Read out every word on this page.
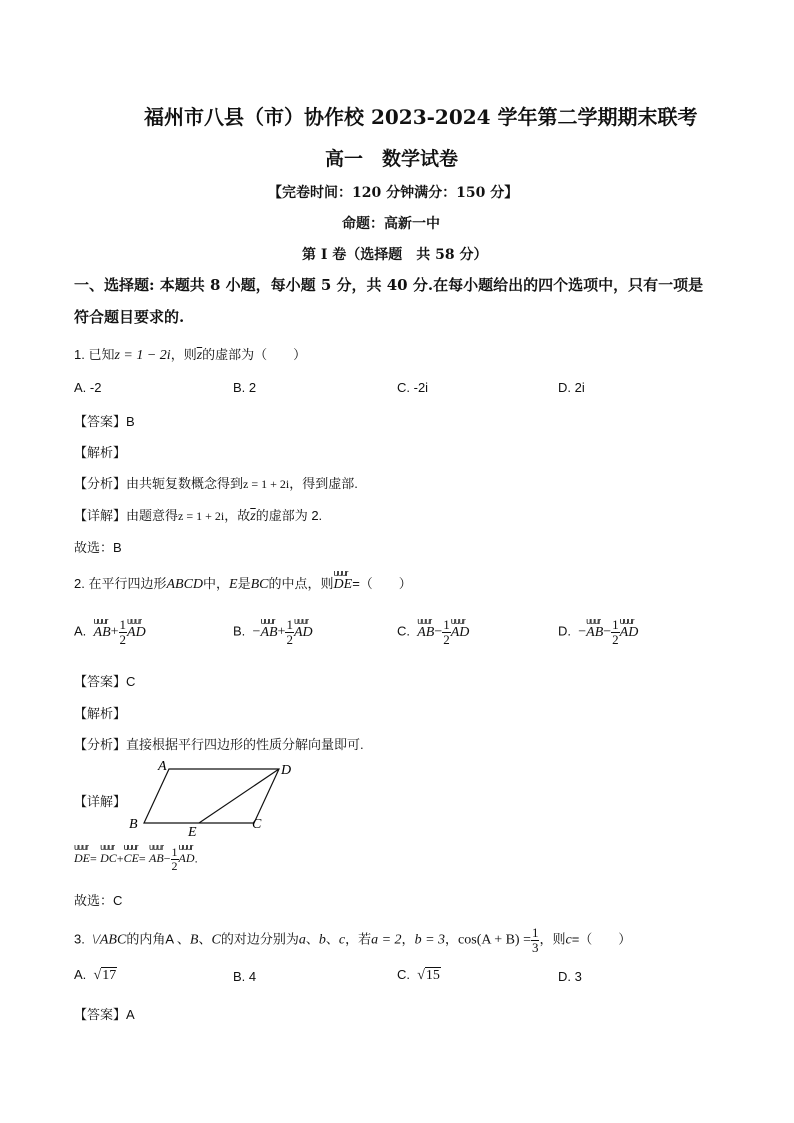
福州市八县（市）协作校 2023-2024 学年第二学期期末联考
高一　数学试卷
【完卷时间：120 分钟满分：150 分】
命题：高新一中
第 I 卷（选择题　共 58 分）
一、选择题: 本题共 8 小题，每小题 5 分，共 40 分.在每小题给出的四个选项中，只有一项是
符合题目要求的.
1. 已知z = 1 − 2i，则$\overline{z}$的虚部为（　　）
A. -2	B. 2	C. -2i	D. 2i
【答案】B
【解析】
【分析】由共轭复数概念得到z = 1 + 2i，得到虚部.
【详解】由题意得z = 1 + 2i，故$\overline{z}$的虚部为 2.
故选：B
2. 在平行四边形ABCD中，E是BC的中点，则
uuur
DE=（　　）
A.
uuur
$AB+ \frac{1}{2}$ uuur
AD	B. −
uuur
$AB+ \frac{1}{2}$ uuur
AD	C.
uuur
$AB- \frac{1}{2}$ uuur
AD	D. −
uuur
$AB- \frac{1}{2}$ uuur
AD
【答案】C
【解析】
【分析】直接根据平行四边形的性质分解向量即可.
【详解】
A	D
B
E
C
uuur
DE=
uuur
DC+
uuur
CE=
uuur
$AB- \frac{1}{2}$ uuur
AD.
故选：C
3. \/ABC的内角A 、B、C的对边分别为a、b、c，若a = 2，b = 3，$\cos(A + B) = \frac{1}{3}$ ，则c=（　　）
A. √17	B. 4	C. √15	D. 3
【答案】A
